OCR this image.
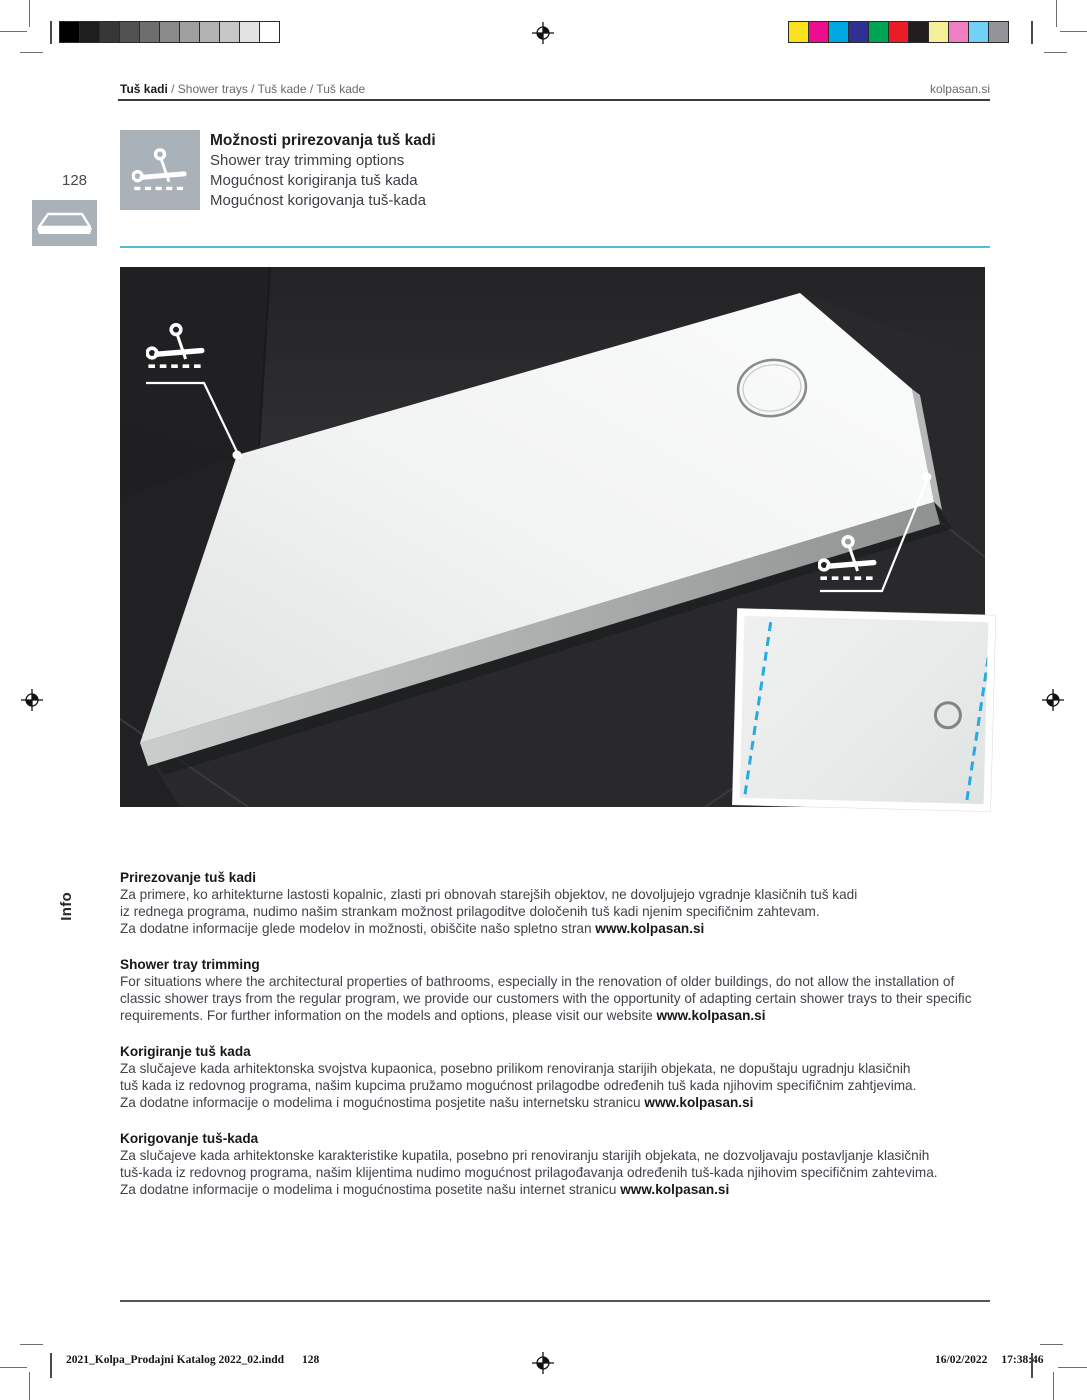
Tuš kadi / Shower trays / Tuš kade / Tuš kade	kolpasan.si
128
Info
Možnosti prirezovanja tuš kadi
Shower tray trimming options
Mogućnost korigiranja tuš kada
Mogućnost korigovanja tuš-kada
Prirezovanje tuš kadi
Za primere, ko arhitekturne lastosti kopalnic, zlasti pri obnovah starejših objektov, ne dovoljujejo vgradnje klasičnih tuš kadi
iz rednega programa, nudimo našim strankam možnost prilagoditve določenih tuš kadi njenim specifičnim zahtevam.
Za dodatne informacije glede modelov in možnosti, obiščite našo spletno stran www.kolpasan.si
Shower tray trimming
For situations where the architectural properties of bathrooms, especially in the renovation of older buildings, do not allow the installation of
classic shower trays from the regular program, we provide our customers with the opportunity of adapting certain shower trays to their specific
requirements. For further information on the models and options, please visit our website www.kolpasan.si
Korigiranje tuš kada
Za slučajeve kada arhitektonska svojstva kupaonica, posebno prilikom renoviranja starijih objekata, ne dopuštaju ugradnju klasičnih
tuš kada iz redovnog programa, našim kupcima pružamo mogućnost prilagodbe određenih tuš kada njihovim specifičnim zahtjevima.
Za dodatne informacije o modelima i mogućnostima posjetite našu internetsku stranicu www.kolpasan.si
Korigovanje tuš-kada
Za slučajeve kada arhitektonske karakteristike kupatila, posebno pri renoviranju starijih objekata, ne dozvoljavaju postavljanje klasičnih
tuš-kada iz redovnog programa, našim klijentima nudimo mogućnost prilagođavanja određenih tuš-kada njihovim specifičnim zahtevima.
Za dodatne informacije o modelima i mogućnostima posetite našu internet stranicu www.kolpasan.si
2021_Kolpa_Prodajni Katalog 2022_02.indd 128	16/02/2022 17:38:46
